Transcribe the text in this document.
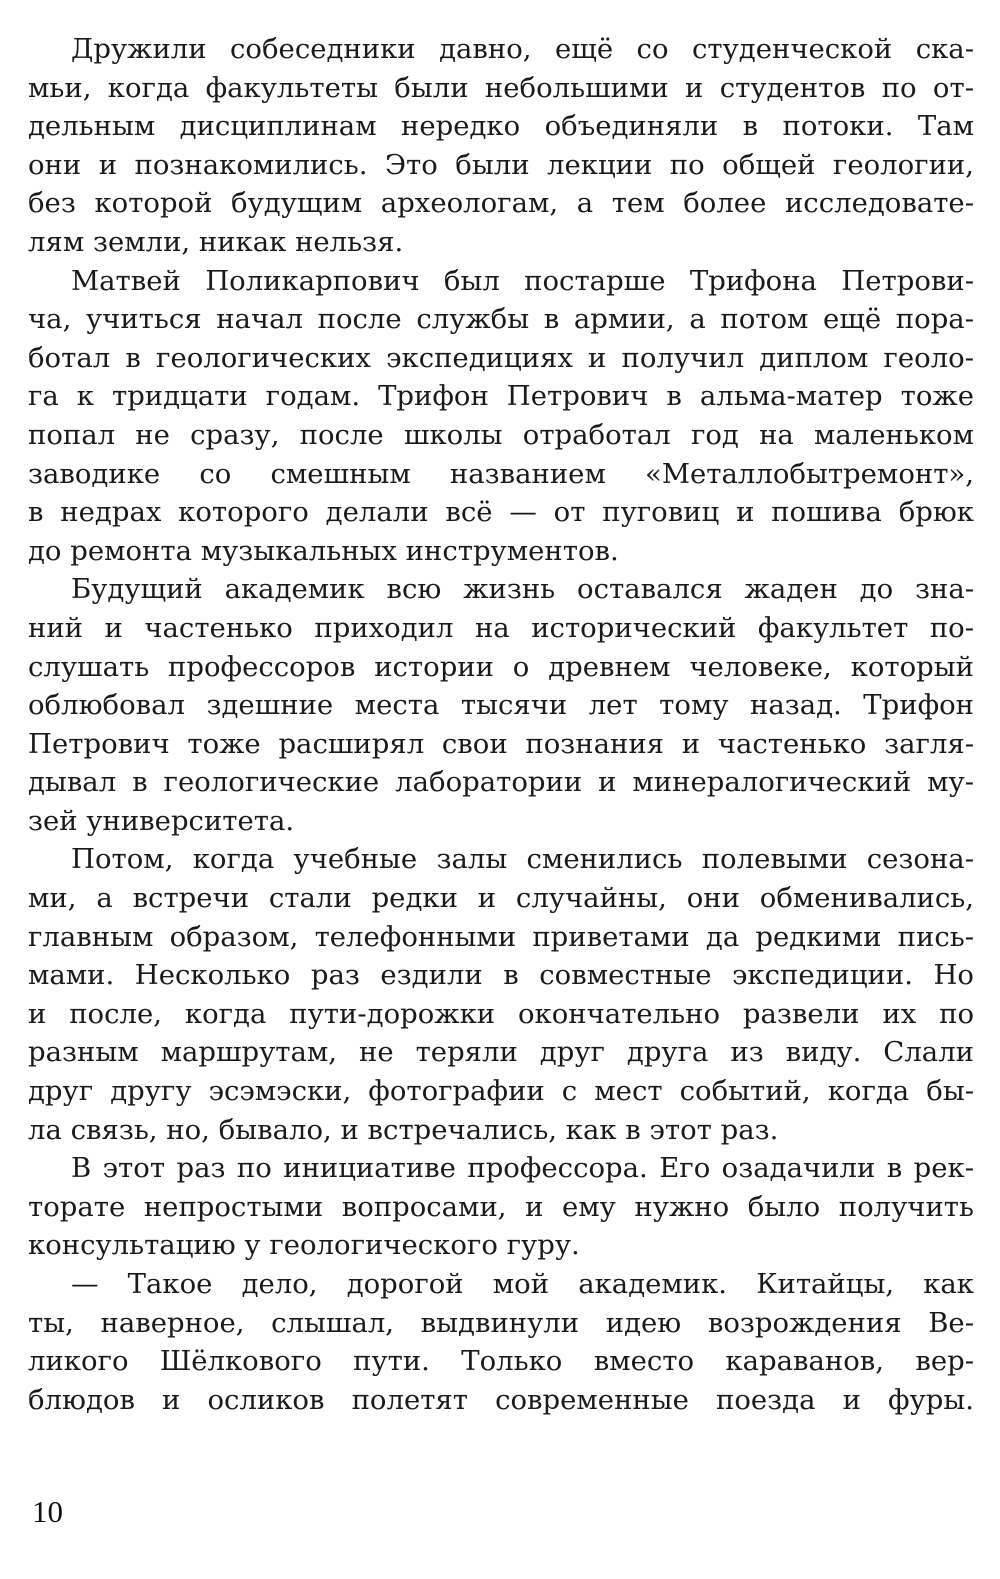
Дружили собеседники давно, ещё со студенческой ска-
мьи, когда факультеты были небольшими и студентов по от-
дельным дисциплинам нередко объединяли в потоки. Там
они и познакомились. Это были лекции по общей геологии,
без которой будущим археологам, а тем более исследовате-
лям земли, никак нельзя.
Матвей Поликарпович был постарше Трифона Петрови-
ча, учиться начал после службы в армии, а потом ещё пора-
ботал в геологических экспедициях и получил диплом геоло-
га к тридцати годам. Трифон Петрович в альма-матер тоже
попал не сразу, после школы отработал год на маленьком
заводике со смешным названием «Металлобытремонт»,
в недрах которого делали всё — от пуговиц и пошива брюк
до ремонта музыкальных инструментов.
Будущий академик всю жизнь оставался жаден до зна-
ний и частенько приходил на исторический факультет по-
слушать профессоров истории о древнем человеке, который
облюбовал здешние места тысячи лет тому назад. Трифон
Петрович тоже расширял свои познания и частенько загля-
дывал в геологические лаборатории и минералогический му-
зей университета.
Потом, когда учебные залы сменились полевыми сезона-
ми, а встречи стали редки и случайны, они обменивались,
главным образом, телефонными приветами да редкими пись-
мами. Несколько раз ездили в совместные экспедиции. Но
и после, когда пути-дорожки окончательно развели их по
разным маршрутам, не теряли друг друга из виду. Слали
друг другу эсэмэски, фотографии с мест событий, когда бы-
ла связь, но, бывало, и встречались, как в этот раз.
В этот раз по инициативе профессора. Его озадачили в рек-
торате непростыми вопросами, и ему нужно было получить
консультацию у геологического гуру.
— Такое дело, дорогой мой академик. Китайцы, как
ты, наверное, слышал, выдвинули идею возрождения Ве-
ликого Шёлкового пути. Только вместо караванов, вер-
блюдов и осликов полетят современные поезда и фуры.
10
